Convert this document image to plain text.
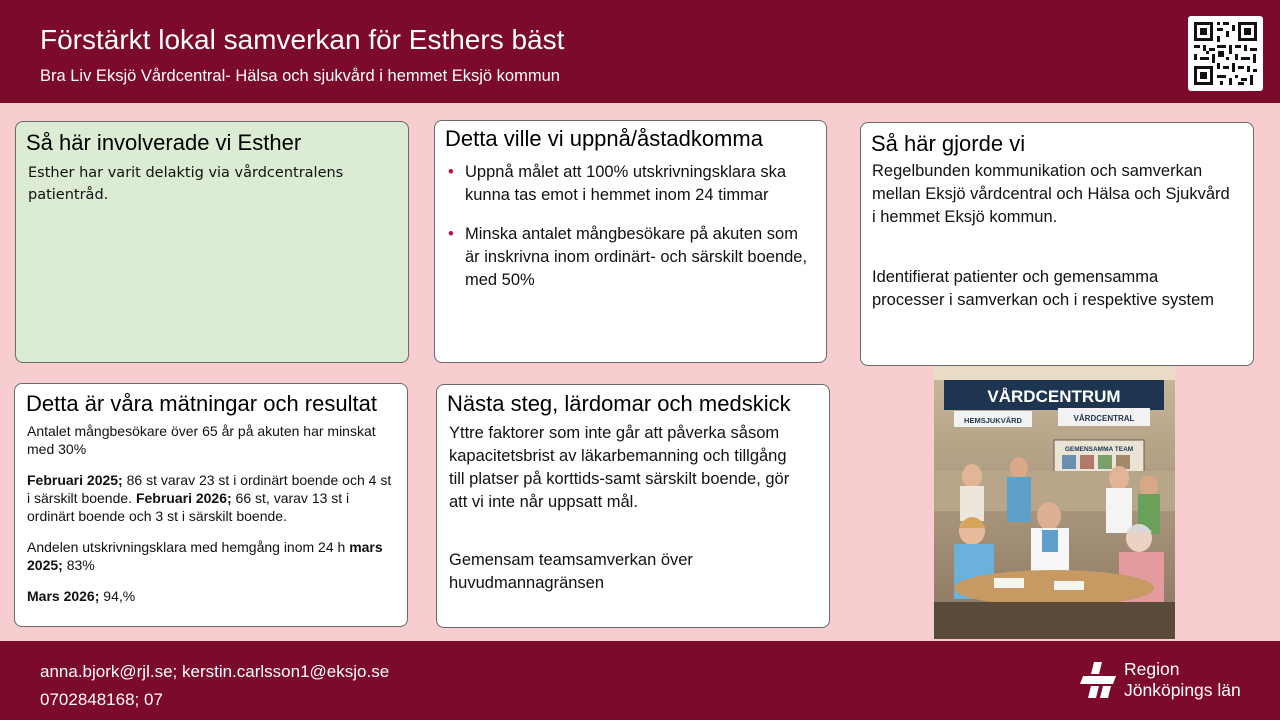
Förstärkt lokal samverkan för Esthers bäst
Bra Liv Eksjö Vårdcentral- Hälsa och sjukvård i hemmet Eksjö kommun
Så här involverade vi Esther
Esther har varit delaktig via vårdcentralens patientråd.
Detta ville vi uppnå/åstadkomma
• Uppnå målet att 100% utskrivningsklara ska kunna tas emot i hemmet inom 24 timmar
• Minska antalet mångbesökare på akuten som är inskrivna inom ordinärt- och särskilt boende, med 50%
Så här gjorde vi
Regelbunden kommunikation och samverkan mellan Eksjö vårdcentral och Hälsa och Sjukvård i hemmet Eksjö kommun.
Identifierat patienter och gemensamma processer i samverkan och i respektive system
Detta är våra mätningar och resultat

Antalet mångbesökare över 65 år på akuten har minskat med 30%

Februari 2025; 86 st varav 23 st i ordinärt boende och 4 st i särskilt boende. Februari 2026; 66 st, varav 13 st i ordinärt boende och 3 st i särskilt boende.

Andelen utskrivningsklara med hemgång inom 24 h mars 2025; 83%

Mars 2026; 94,%

Nästa steg, lärdomar och medskick
Yttre faktorer som inte går att påverka såsom kapacitetsbrist av läkarbemanning och tillgång till platser på korttids-samt särskilt boende, gör att vi inte når uppsatt mål.
Gemensam teamsamverkan över huvudmannagränsen
VÅRDCENTRUM
HEMSJUKVÅRD	VÅRDCENTRAL
GEMENSAMMA TEAM
anna.bjork@rjl.se; kerstin.carlsson1@eksjo.se
0702848168; 07
Region
Jönköpings län
